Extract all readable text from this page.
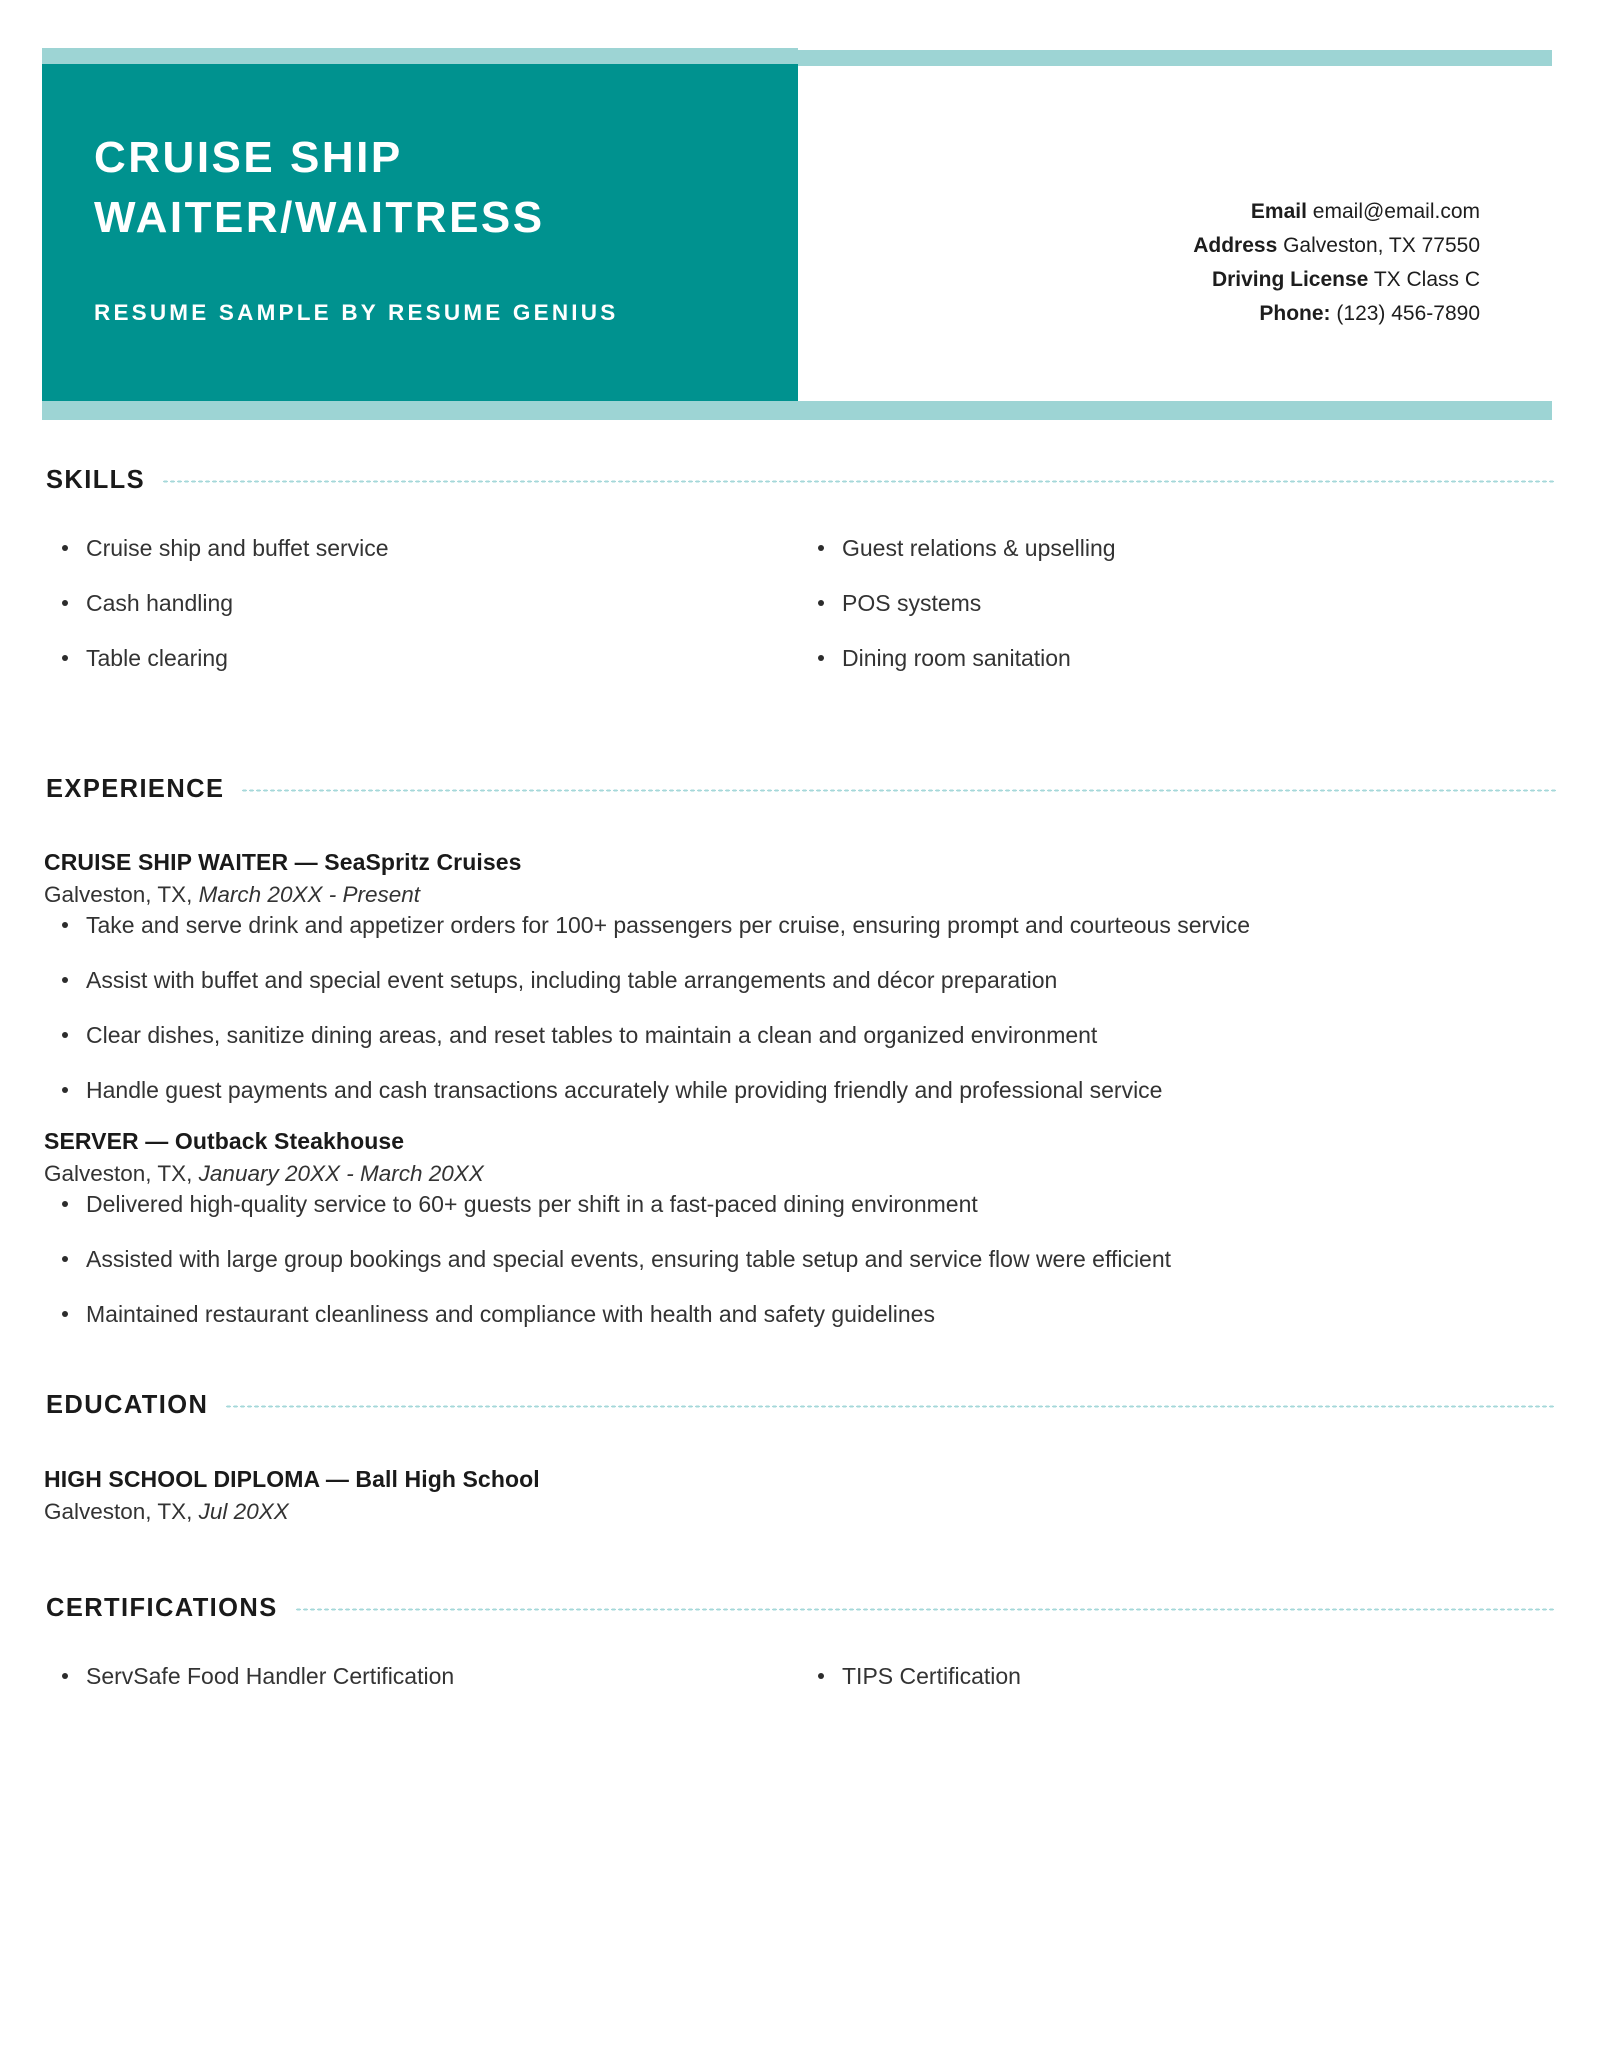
CRUISE SHIP
WAITER/WAITRESS
RESUME SAMPLE BY RESUME GENIUS
Email email@email.com
Address Galveston, TX 77550
Driving License TX Class C
Phone: (123) 456-7890
SKILLS
Cruise ship and buffet service
Cash handling
Table clearing
Guest relations & upselling
POS systems
Dining room sanitation
EXPERIENCE
CRUISE SHIP WAITER — SeaSpritz Cruises
Galveston, TX, March 20XX - Present
Take and serve drink and appetizer orders for 100+ passengers per cruise, ensuring prompt and courteous service
Assist with buffet and special event setups, including table arrangements and décor preparation
Clear dishes, sanitize dining areas, and reset tables to maintain a clean and organized environment
Handle guest payments and cash transactions accurately while providing friendly and professional service
SERVER — Outback Steakhouse
Galveston, TX, January 20XX - March 20XX
Delivered high-quality service to 60+ guests per shift in a fast-paced dining environment
Assisted with large group bookings and special events, ensuring table setup and service flow were efficient
Maintained restaurant cleanliness and compliance with health and safety guidelines
EDUCATION
HIGH SCHOOL DIPLOMA — Ball High School
Galveston, TX, Jul 20XX
CERTIFICATIONS
ServSafe Food Handler Certification	TIPS Certification
